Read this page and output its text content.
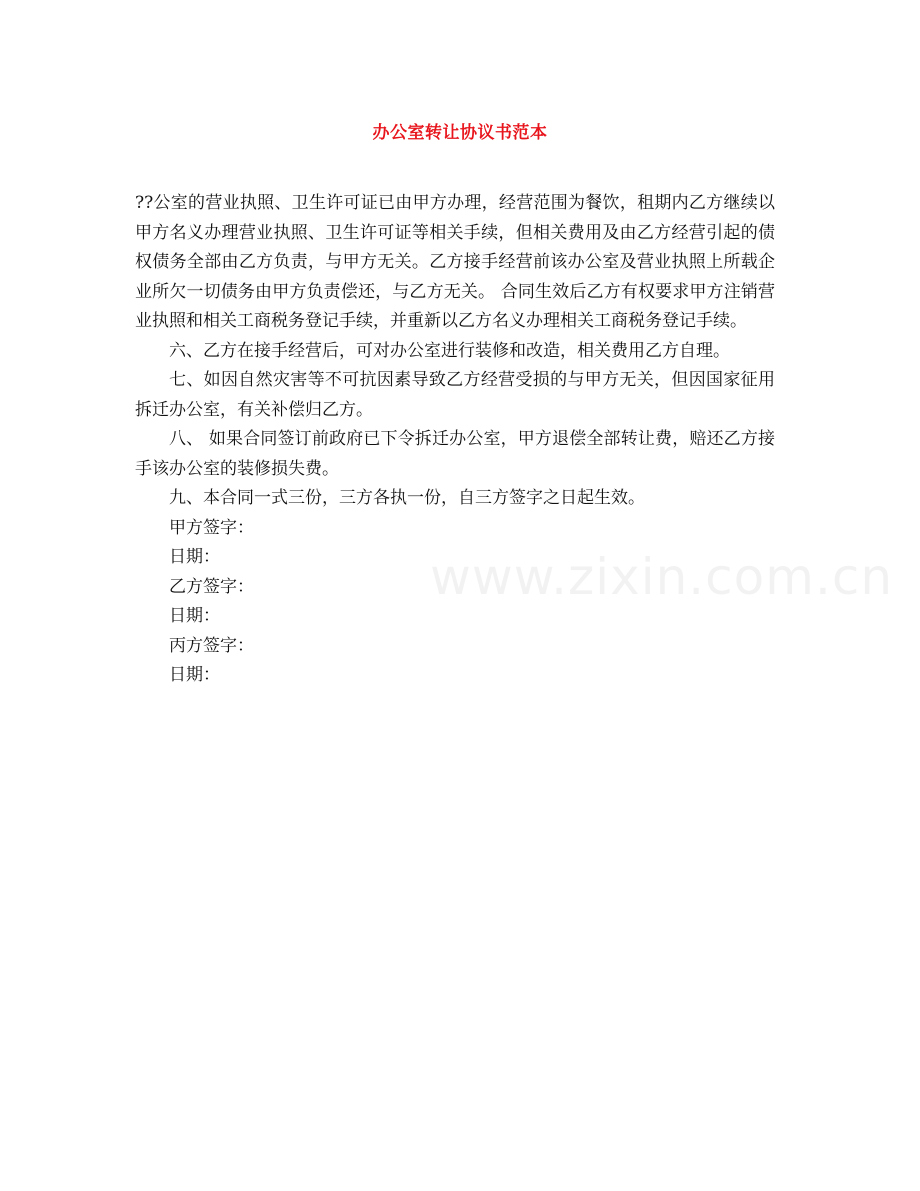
办公室转让协议书范本

??公室的营业执照、卫生许可证已由甲方办理，经营范围为餐饮，租期内乙方继续以甲方名义办理营业执照、卫生许可证等相关手续，但相关费用及由乙方经营引起的债权债务全部由乙方负责，与甲方无关。乙方接手经营前该办公室及营业执照上所载企业所欠一切债务由甲方负责偿还，与乙方无关。 合同生效后乙方有权要求甲方注销营业执照和相关工商税务登记手续，并重新以乙方名义办理相关工商税务登记手续。

六、乙方在接手经营后，可对办公室进行装修和改造，相关费用乙方自理。

七、如因自然灾害等不可抗因素导致乙方经营受损的与甲方无关，但因国家征用拆迁办公室，有关补偿归乙方。

八、 如果合同签订前政府已下令拆迁办公室，甲方退偿全部转让费，赔还乙方接手该办公室的装修损失费。

九、本合同一式三份，三方各执一份，自三方签字之日起生效。

甲方签字：

日期：

乙方签字：

日期：

丙方签字：

日期：

www.zixin.com.cn
